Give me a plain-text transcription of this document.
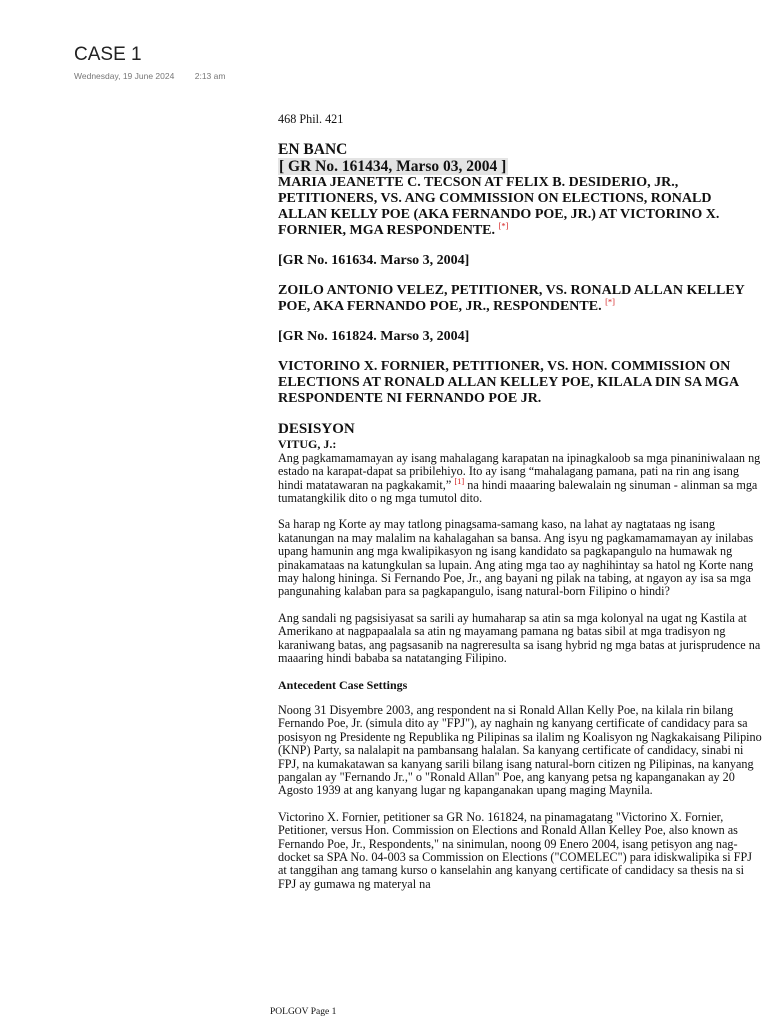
CASE 1
Wednesday, 19 June 2024 2:13 am

468 Phil. 421

EN BANC

[ GR No. 161434, Marso 03, 2004 ]

MARIA JEANETTE C. TECSON AT FELIX B. DESIDERIO, JR., PETITIONERS, VS. ANG COMMISSION ON ELECTIONS, RONALD ALLAN KELLY POE (AKA FERNANDO POE, JR.) AT VICTORINO X. FORNIER, MGA RESPONDENTE. [*]

[GR No. 161634. Marso 3, 2004]

ZOILO ANTONIO VELEZ, PETITIONER, VS. RONALD ALLAN KELLEY POE, AKA FERNANDO POE, JR., RESPONDENTE. [*]

[GR No. 161824. Marso 3, 2004]

VICTORINO X. FORNIER, PETITIONER, VS. HON. COMMISSION ON ELECTIONS AT RONALD ALLAN KELLEY POE, KILALA DIN SA MGA RESPONDENTE NI FERNANDO POE JR.

DESISYON

VITUG, J.:

Ang pagkamamamayan ay isang mahalagang karapatan na ipinagkaloob sa mga pinaniniwalaan ng estado na karapat-dapat sa pribilehiyo. Ito ay isang “mahalagang pamana, pati na rin ang isang hindi matatawaran na pagkakamit,” [1] na hindi maaaring balewalain ng sinuman - alinman sa mga tumatangkilik dito o ng mga tumutol dito.

Sa harap ng Korte ay may tatlong pinagsama-samang kaso, na lahat ay nagtataas ng isang katanungan na may malalim na kahalagahan sa bansa. Ang isyu ng pagkamamamayan ay inilabas upang hamunin ang mga kwalipikasyon ng isang kandidato sa pagkapangulo na humawak ng pinakamataas na katungkulan sa lupain. Ang ating mga tao ay naghihintay sa hatol ng Korte nang may halong hininga. Si Fernando Poe, Jr., ang bayani ng pilak na tabing, at ngayon ay isa sa mga pangunahing kalaban para sa pagkapangulo, isang natural-born Filipino o hindi?

Ang sandali ng pagsisiyasat sa sarili ay humaharap sa atin sa mga kolonyal na ugat ng Kastila at Amerikano at nagpapaalala sa atin ng mayamang pamana ng batas sibil at mga tradisyon ng karaniwang batas, ang pagsasanib na nagreresulta sa isang hybrid ng mga batas at jurisprudence na maaaring hindi bababa sa natatanging Filipino.

Antecedent Case Settings

Noong 31 Disyembre 2003, ang respondent na si Ronald Allan Kelly Poe, na kilala rin bilang Fernando Poe, Jr. (simula dito ay "FPJ"), ay naghain ng kanyang certificate of candidacy para sa posisyon ng Presidente ng Republika ng Pilipinas sa ilalim ng Koalisyon ng Nagkakaisang Pilipino (KNP) Party, sa nalalapit na pambansang halalan. Sa kanyang certificate of candidacy, sinabi ni FPJ, na kumakatawan sa kanyang sarili bilang isang natural-born citizen ng Pilipinas, na kanyang pangalan ay "Fernando Jr.," o "Ronald Allan" Poe, ang kanyang petsa ng kapanganakan ay 20 Agosto 1939 at ang kanyang lugar ng kapanganakan upang maging Maynila.

Victorino X. Fornier, petitioner sa GR No. 161824, na pinamagatang "Victorino X. Fornier, Petitioner, versus Hon. Commission on Elections and Ronald Allan Kelley Poe, also known as Fernando Poe, Jr., Respondents," na sinimulan, noong 09 Enero 2004, isang petisyon ang nag-docket sa SPA No. 04-003 sa Commission on Elections ("COMELEC") para idiskwalipika si FPJ at tanggihan ang tamang kurso o kanselahin ang kanyang certificate of candidacy sa thesis na si FPJ ay gumawa ng materyal na

POLGOV Page 1
